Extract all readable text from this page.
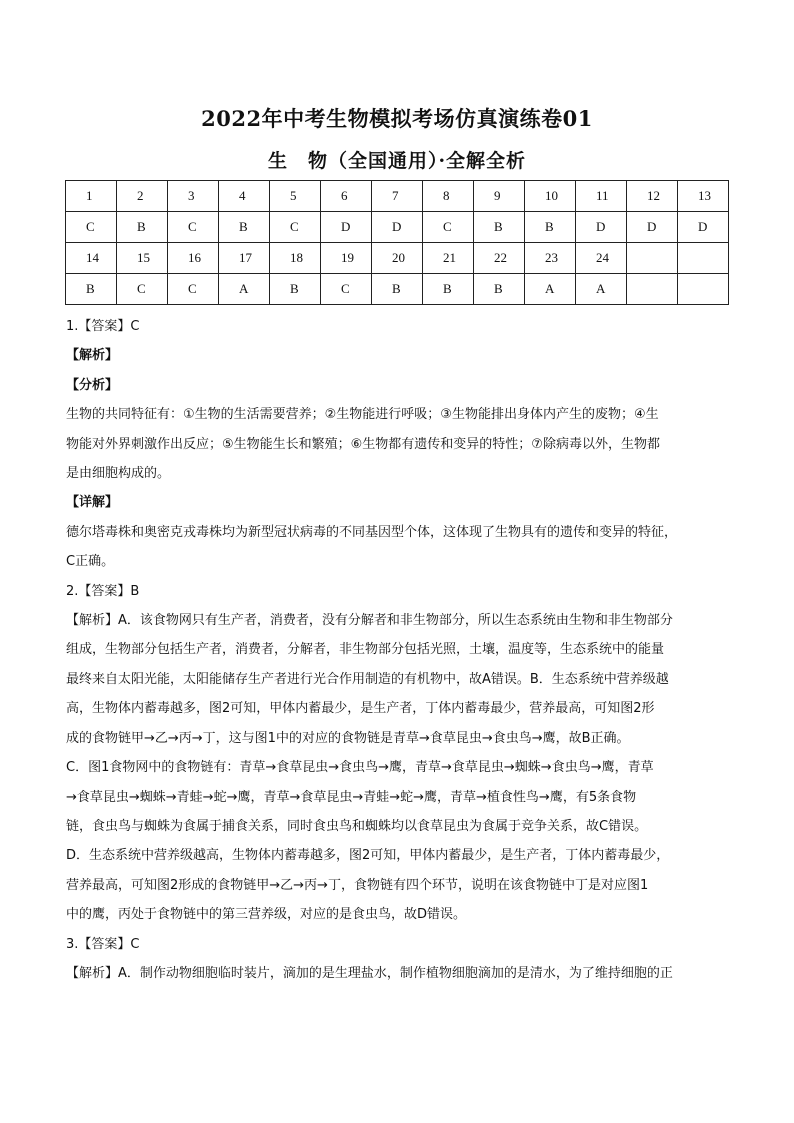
2022年中考生物模拟考场仿真演练卷01
生　物（全国通用）·全解全析
1	2	3	4	5	6	7	8	9	10	11	12	13
C	B	C	B	C	D	D	C	B	B	D	D	D
14	15	16	17	18	19	20	21	22	23	24		
B	C	C	A	B	C	B	B	B	A	A		

1.【答案】C

【解析】

【分析】

生物的共同特征有：①生物的生活需要营养；②生物能进行呼吸；③生物能排出身体内产生的废物；④生

物能对外界刺激作出反应；⑤生物能生长和繁殖；⑥生物都有遗传和变异的特性；⑦除病毒以外，生物都

是由细胞构成的。

【详解】

德尔塔毒株和奥密克戎毒株均为新型冠状病毒的不同基因型个体，这体现了生物具有的遗传和变异的特征，

C正确。

2.【答案】B

【解析】A．该食物网只有生产者，消费者，没有分解者和非生物部分，所以生态系统由生物和非生物部分

组成，生物部分包括生产者，消费者，分解者，非生物部分包括光照，土壤，温度等，生态系统中的能量

最终来自太阳光能，太阳能储存生产者进行光合作用制造的有机物中，故A错误。B．生态系统中营养级越

高，生物体内蓄毒越多，图2可知，甲体内蓄最少，是生产者，丁体内蓄毒最少，营养最高，可知图2形

成的食物链甲→乙→丙→丁，这与图1中的对应的食物链是青草→食草昆虫→食虫鸟→鹰，故B正确。

C．图1食物网中的食物链有：青草→食草昆虫→食虫鸟→鹰，青草→食草昆虫→蜘蛛→食虫鸟→鹰，青草

→食草昆虫→蜘蛛→青蛙→蛇→鹰，青草→食草昆虫→青蛙→蛇→鹰，青草→植食性鸟→鹰，有5条食物

链，食虫鸟与蜘蛛为食属于捕食关系，同时食虫鸟和蜘蛛均以食草昆虫为食属于竞争关系，故C错误。

D．生态系统中营养级越高，生物体内蓄毒越多，图2可知，甲体内蓄最少，是生产者，丁体内蓄毒最少，

营养最高，可知图2形成的食物链甲→乙→丙→丁，食物链有四个环节，说明在该食物链中丁是对应图1

中的鹰，丙处于食物链中的第三营养级，对应的是食虫鸟，故D错误。

3.【答案】C

【解析】A．制作动物细胞临时装片，滴加的是生理盐水，制作植物细胞滴加的是清水，为了维持细胞的正
